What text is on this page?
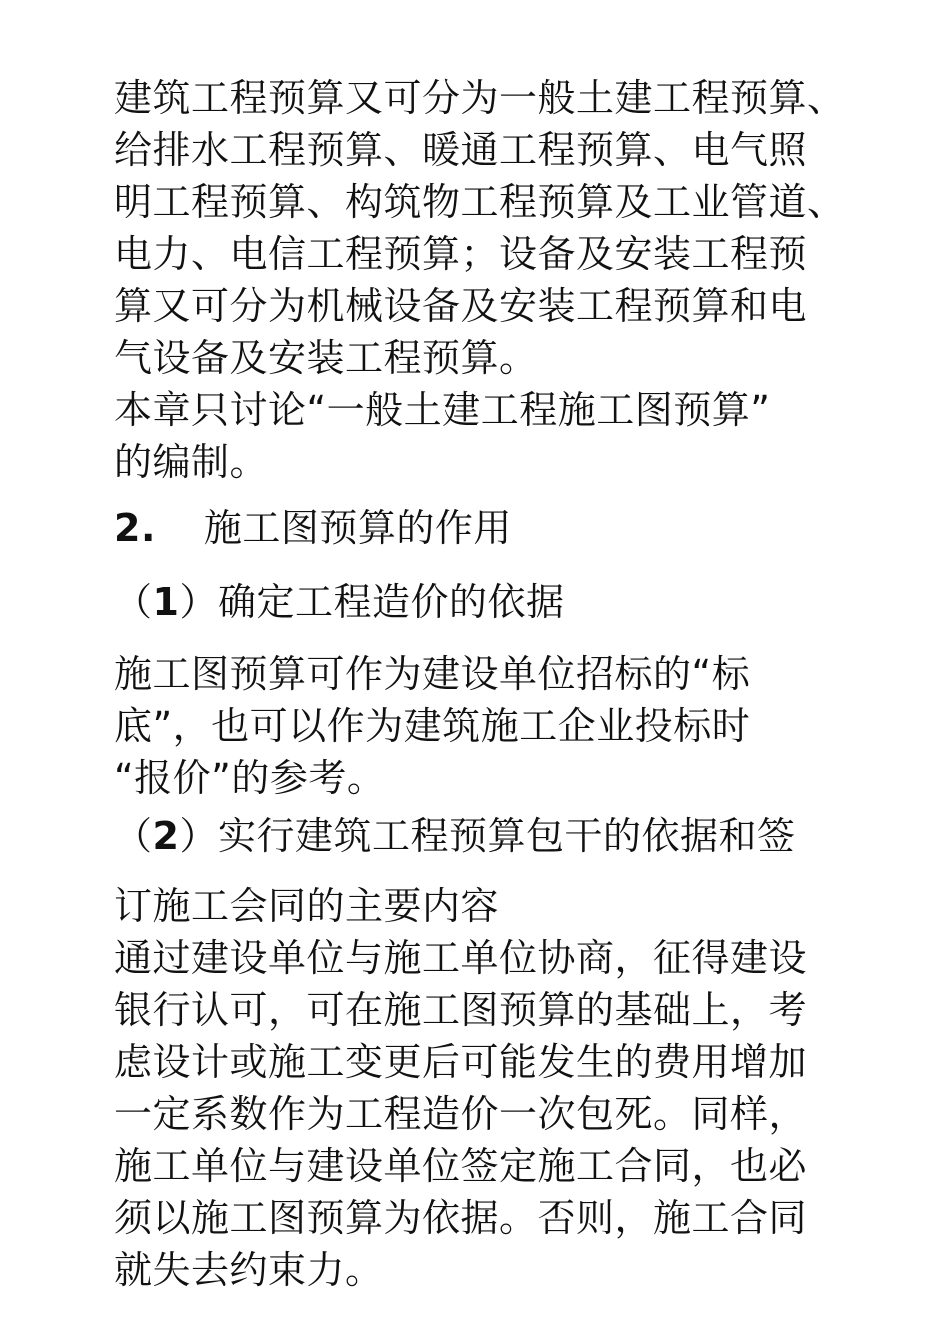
建筑工程预算又可分为一般土建工程预算、
给排水工程预算、暖通工程预算、电气照
明工程预算、构筑物工程预算及工业管道、
电力、电信工程预算；设备及安装工程预
算又可分为机械设备及安装工程预算和电
气设备及安装工程预算。
本章只讨论“一般土建工程施工图预算”
的编制。
2. 施工图预算的作用
（1）确定工程造价的依据
施工图预算可作为建设单位招标的“标
底”，也可以作为建筑施工企业投标时
“报价”的参考。
（2）实行建筑工程预算包干的依据和签
订施工会同的主要内容
通过建设单位与施工单位协商，征得建设
银行认可，可在施工图预算的基础上，考
虑设计或施工变更后可能发生的费用增加
一定系数作为工程造价一次包死。同样，
施工单位与建设单位签定施工合同，也必
须以施工图预算为依据。否则，施工合同
就失去约束力。
